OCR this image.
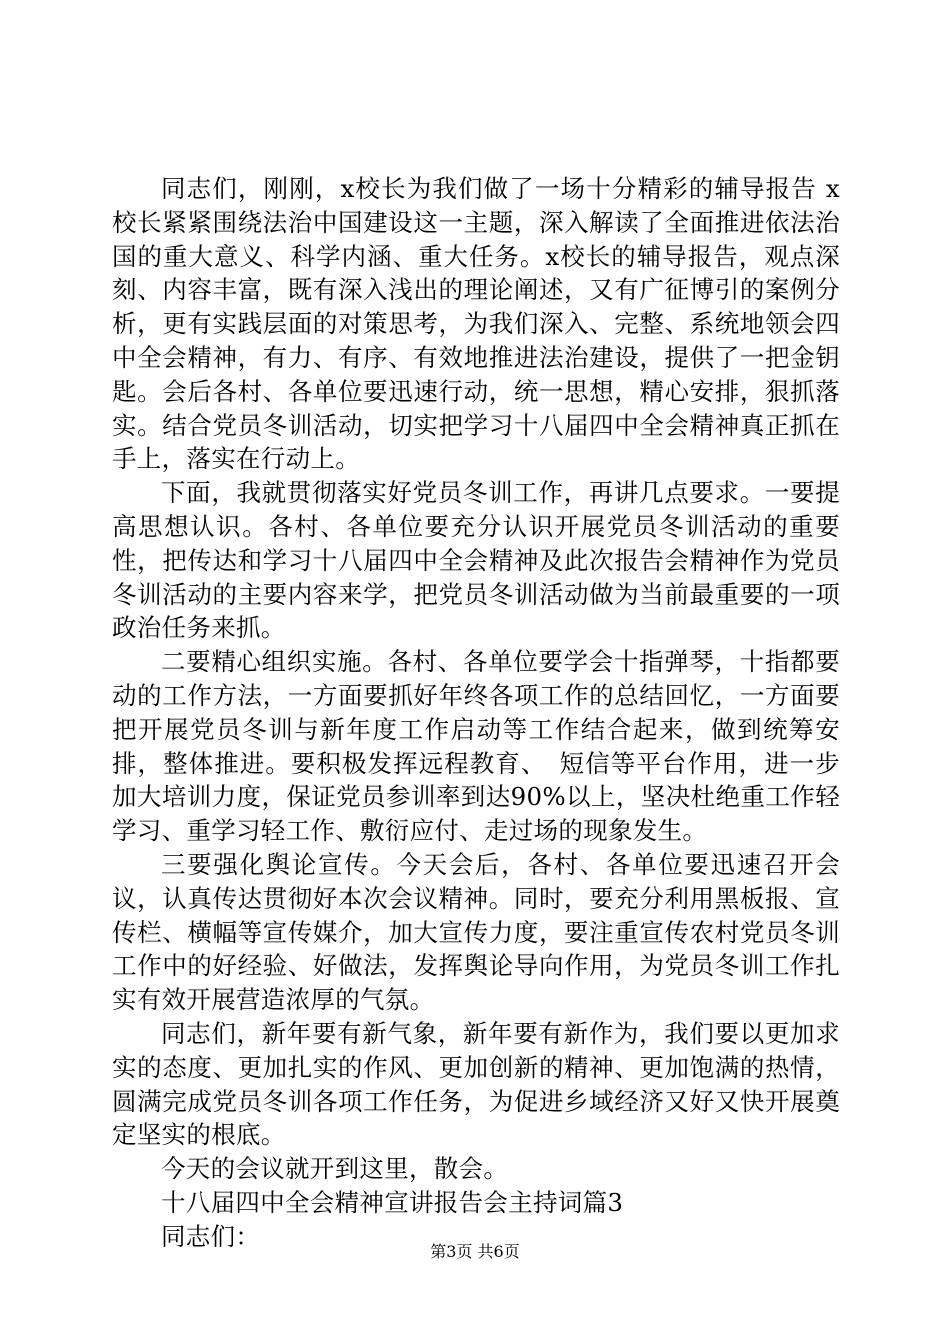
同志们，刚刚，x校长为我们做了一场十分精彩的辅导报告 x校长紧紧围绕法治中国建设这一主题，深入解读了全面推进依法治国的重大意义、科学内涵、重大任务。x校长的辅导报告，观点深刻、内容丰富，既有深入浅出的理论阐述，又有广征博引的案例分析，更有实践层面的对策思考，为我们深入、完整、系统地领会四中全会精神，有力、有序、有效地推进法治建设，提供了一把金钥匙。会后各村、各单位要迅速行动，统一思想，精心安排，狠抓落实。结合党员冬训活动，切实把学习十八届四中全会精神真正抓在手上，落实在行动上。

下面，我就贯彻落实好党员冬训工作，再讲几点要求。一要提高思想认识。各村、各单位要充分认识开展党员冬训活动的重要性，把传达和学习十八届四中全会精神及此次报告会精神作为党员冬训活动的主要内容来学，把党员冬训活动做为当前最重要的一项政治任务来抓。

二要精心组织实施。各村、各单位要学会十指弹琴，十指都要动的工作方法，一方面要抓好年终各项工作的总结回忆，一方面要把开展党员冬训与新年度工作启动等工作结合起来，做到统筹安排，整体推进。要积极发挥远程教育、　短信等平台作用，进一步加大培训力度，保证党员参训率到达90%以上，坚决杜绝重工作轻学习、重学习轻工作、敷衍应付、走过场的现象发生。

三要强化舆论宣传。今天会后，各村、各单位要迅速召开会议，认真传达贯彻好本次会议精神。同时，要充分利用黑板报、宣传栏、横幅等宣传媒介，加大宣传力度，要注重宣传农村党员冬训工作中的好经验、好做法，发挥舆论导向作用，为党员冬训工作扎实有效开展营造浓厚的气氛。

同志们，新年要有新气象，新年要有新作为，我们要以更加求实的态度、更加扎实的作风、更加创新的精神、更加饱满的热情，圆满完成党员冬训各项工作任务，为促进乡域经济又好又快开展奠定坚实的根底。

今天的会议就开到这里，散会。

十八届四中全会精神宣讲报告会主持词篇3

同志们：

第3页 共6页
